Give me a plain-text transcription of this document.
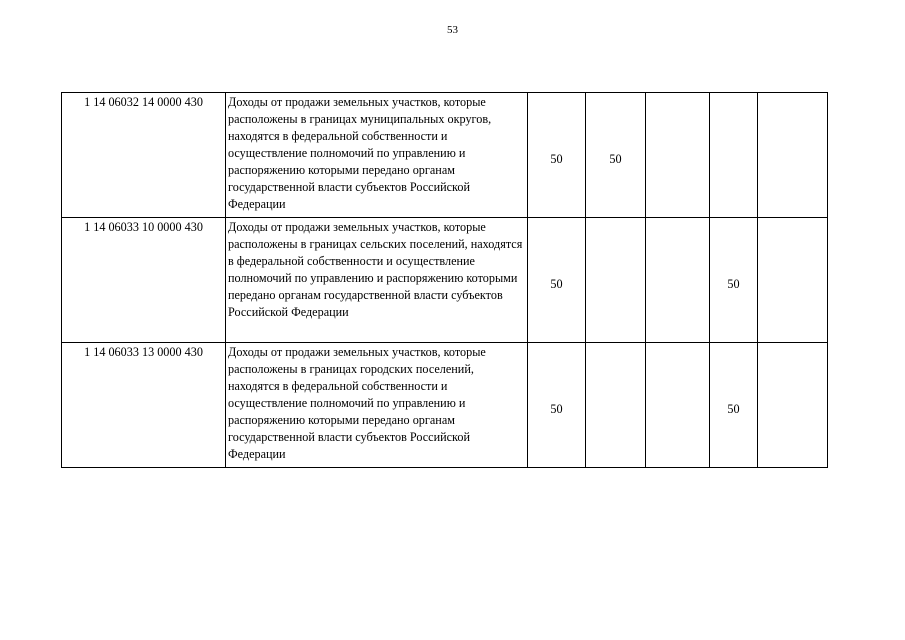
53
1 14 06032 14 0000 430	Доходы от продажи земельных участков, которые расположены в границах муниципальных округов, находятся в федеральной собственности и осуществление полномочий по управлению и распоряжению которыми передано органам государственной власти субъектов Российской Федерации	50	50			
1 14 06033 10 0000 430	Доходы от продажи земельных участков, которые расположены в границах сельских поселений, находятся в федеральной собственности и осуществление полномочий по управлению и распоряжению которыми передано органам государственной власти субъектов Российской Федерации	50			50	
1 14 06033 13 0000 430	Доходы от продажи земельных участков, которые расположены в границах городских поселений, находятся в федеральной собственности и осуществление полномочий по управлению и распоряжению которыми передано органам государственной власти субъектов Российской Федерации	50			50	
